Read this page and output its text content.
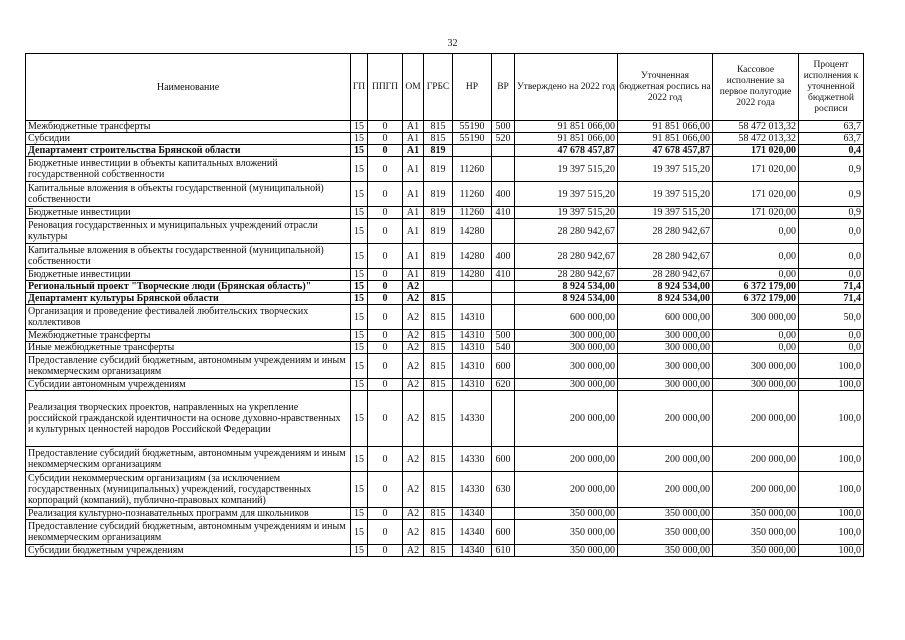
32
Наименование	ГП	ППГП	ОМ	ГРБС	НР	ВР	Утверждено на 2022 год	Уточненная бюджетная роспись на 2022 год	Кассовое исполнение за первое полугодие 2022 года	Процент исполнения к уточненной бюджетной росписи
Межбюджетные трансферты	15	0	А1	815	55190	500	91 851 066,00	91 851 066,00	58 472 013,32	63,7
Субсидии	15	0	А1	815	55190	520	91 851 066,00	91 851 066,00	58 472 013,32	63,7
Департамент строительства Брянской области	15	0	А1	819			47 678 457,87	47 678 457,87	171 020,00	0,4
Бюджетные инвестиции в объекты капитальных вложений государственной собственности	15	0	А1	819	11260		19 397 515,20	19 397 515,20	171 020,00	0,9
Капитальные вложения в объекты государственной (муниципальной) собственности	15	0	А1	819	11260	400	19 397 515,20	19 397 515,20	171 020,00	0,9
Бюджетные инвестиции	15	0	А1	819	11260	410	19 397 515,20	19 397 515,20	171 020,00	0,9
Реновация государственных и муниципальных учреждений отрасли культуры	15	0	А1	819	14280		28 280 942,67	28 280 942,67	0,00	0,0
Капитальные вложения в объекты государственной (муниципальной) собственности	15	0	А1	819	14280	400	28 280 942,67	28 280 942,67	0,00	0,0
Бюджетные инвестиции	15	0	А1	819	14280	410	28 280 942,67	28 280 942,67	0,00	0,0
Региональный проект "Творческие люди (Брянская область)"	15	0	А2				8 924 534,00	8 924 534,00	6 372 179,00	71,4
Департамент культуры Брянской области	15	0	А2	815			8 924 534,00	8 924 534,00	6 372 179,00	71,4
Организация и проведение фестивалей любительских творческих коллективов	15	0	А2	815	14310		600 000,00	600 000,00	300 000,00	50,0
Межбюджетные трансферты	15	0	А2	815	14310	500	300 000,00	300 000,00	0,00	0,0
Иные межбюджетные трансферты	15	0	А2	815	14310	540	300 000,00	300 000,00	0,00	0,0
Предоставление субсидий бюджетным, автономным учреждениям и иным некоммерческим организациям	15	0	А2	815	14310	600	300 000,00	300 000,00	300 000,00	100,0
Субсидии автономным учреждениям	15	0	А2	815	14310	620	300 000,00	300 000,00	300 000,00	100,0
Реализация творческих проектов, направленных на укрепление российской гражданской идентичности на основе духовно-нравственных и культурных ценностей народов Российской Федерации	15	0	А2	815	14330		200 000,00	200 000,00	200 000,00	100,0
Предоставление субсидий бюджетным, автономным учреждениям и иным некоммерческим организациям	15	0	А2	815	14330	600	200 000,00	200 000,00	200 000,00	100,0
Субсидии некоммерческим организациям (за исключением государственных (муниципальных) учреждений, государственных корпораций (компаний), публично-правовых компаний)	15	0	А2	815	14330	630	200 000,00	200 000,00	200 000,00	100,0
Реализация культурно-познавательных программ для школьников	15	0	А2	815	14340		350 000,00	350 000,00	350 000,00	100,0
Предоставление субсидий бюджетным, автономным учреждениям и иным некоммерческим организациям	15	0	А2	815	14340	600	350 000,00	350 000,00	350 000,00	100,0
Субсидии бюджетным учреждениям	15	0	А2	815	14340	610	350 000,00	350 000,00	350 000,00	100,0
